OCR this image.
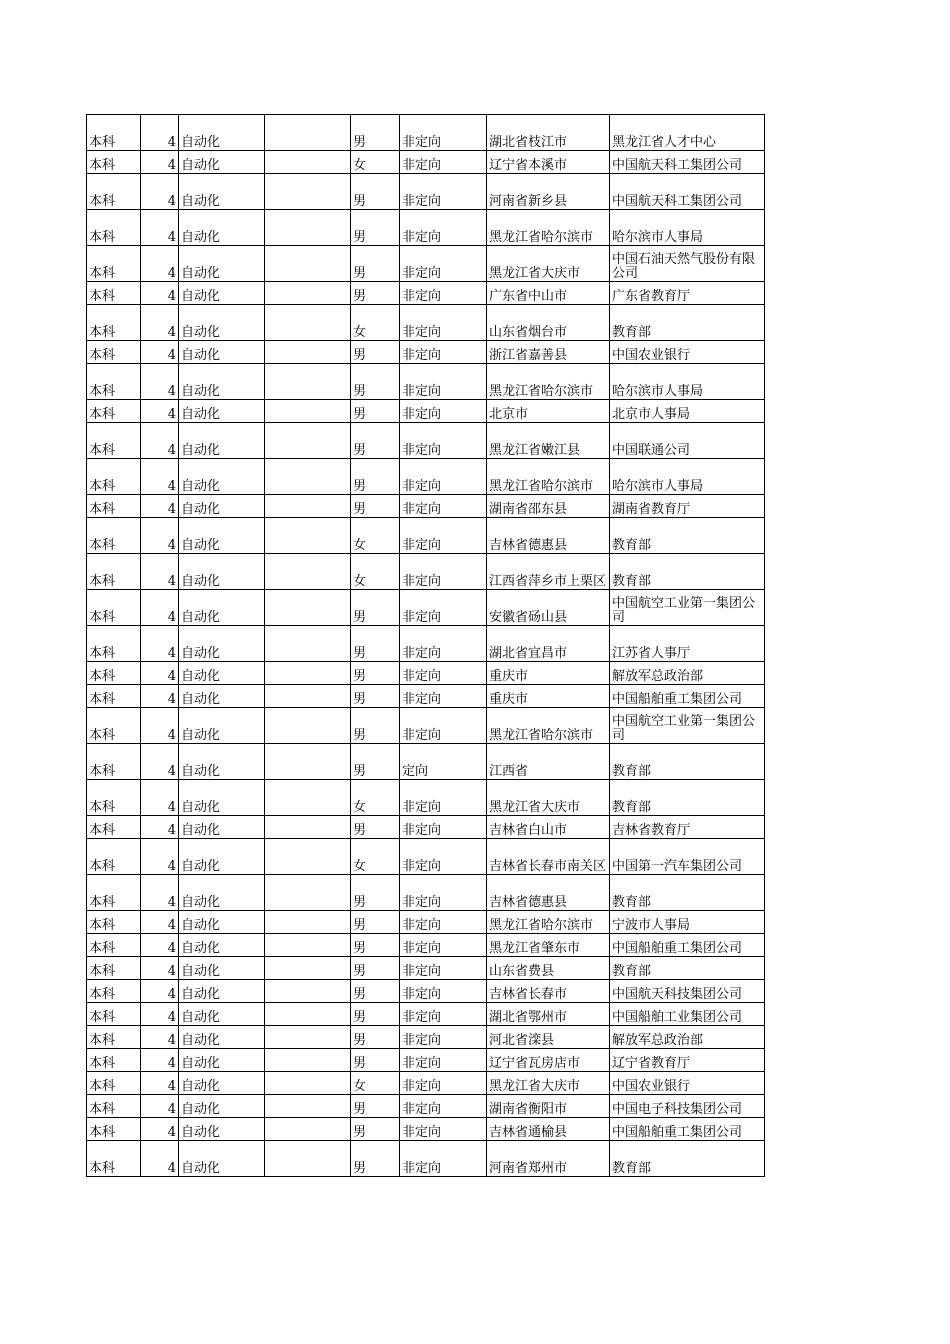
本科	4	自动化		男	非定向	湖北省枝江市	黑龙江省人才中心
本科	4	自动化		女	非定向	辽宁省本溪市	中国航天科工集团公司
本科	4	自动化		男	非定向	河南省新乡县	中国航天科工集团公司
本科	4	自动化		男	非定向	黑龙江省哈尔滨市	哈尔滨市人事局
本科	4	自动化		男	非定向	黑龙江省大庆市	中国石油天然气股份有限公司
本科	4	自动化		男	非定向	广东省中山市	广东省教育厅
本科	4	自动化		女	非定向	山东省烟台市	教育部
本科	4	自动化		男	非定向	浙江省嘉善县	中国农业银行
本科	4	自动化		男	非定向	黑龙江省哈尔滨市	哈尔滨市人事局
本科	4	自动化		男	非定向	北京市	北京市人事局
本科	4	自动化		男	非定向	黑龙江省嫩江县	中国联通公司
本科	4	自动化		男	非定向	黑龙江省哈尔滨市	哈尔滨市人事局
本科	4	自动化		男	非定向	湖南省邵东县	湖南省教育厅
本科	4	自动化		女	非定向	吉林省德惠县	教育部
本科	4	自动化		女	非定向	江西省萍乡市上栗区	教育部
本科	4	自动化		男	非定向	安徽省砀山县	中国航空工业第一集团公司
本科	4	自动化		男	非定向	湖北省宜昌市	江苏省人事厅
本科	4	自动化		男	非定向	重庆市	解放军总政治部
本科	4	自动化		男	非定向	重庆市	中国船舶重工集团公司
本科	4	自动化		男	非定向	黑龙江省哈尔滨市	中国航空工业第一集团公司
本科	4	自动化		男	定向	江西省	教育部
本科	4	自动化		女	非定向	黑龙江省大庆市	教育部
本科	4	自动化		男	非定向	吉林省白山市	吉林省教育厅
本科	4	自动化		女	非定向	吉林省长春市南关区	中国第一汽车集团公司
本科	4	自动化		男	非定向	吉林省德惠县	教育部
本科	4	自动化		男	非定向	黑龙江省哈尔滨市	宁波市人事局
本科	4	自动化		男	非定向	黑龙江省肇东市	中国船舶重工集团公司
本科	4	自动化		男	非定向	山东省费县	教育部
本科	4	自动化		男	非定向	吉林省长春市	中国航天科技集团公司
本科	4	自动化		男	非定向	湖北省鄂州市	中国船舶工业集团公司
本科	4	自动化		男	非定向	河北省滦县	解放军总政治部
本科	4	自动化		男	非定向	辽宁省瓦房店市	辽宁省教育厅
本科	4	自动化		女	非定向	黑龙江省大庆市	中国农业银行
本科	4	自动化		男	非定向	湖南省衡阳市	中国电子科技集团公司
本科	4	自动化		男	非定向	吉林省通榆县	中国船舶重工集团公司
本科	4	自动化		男	非定向	河南省郑州市	教育部
